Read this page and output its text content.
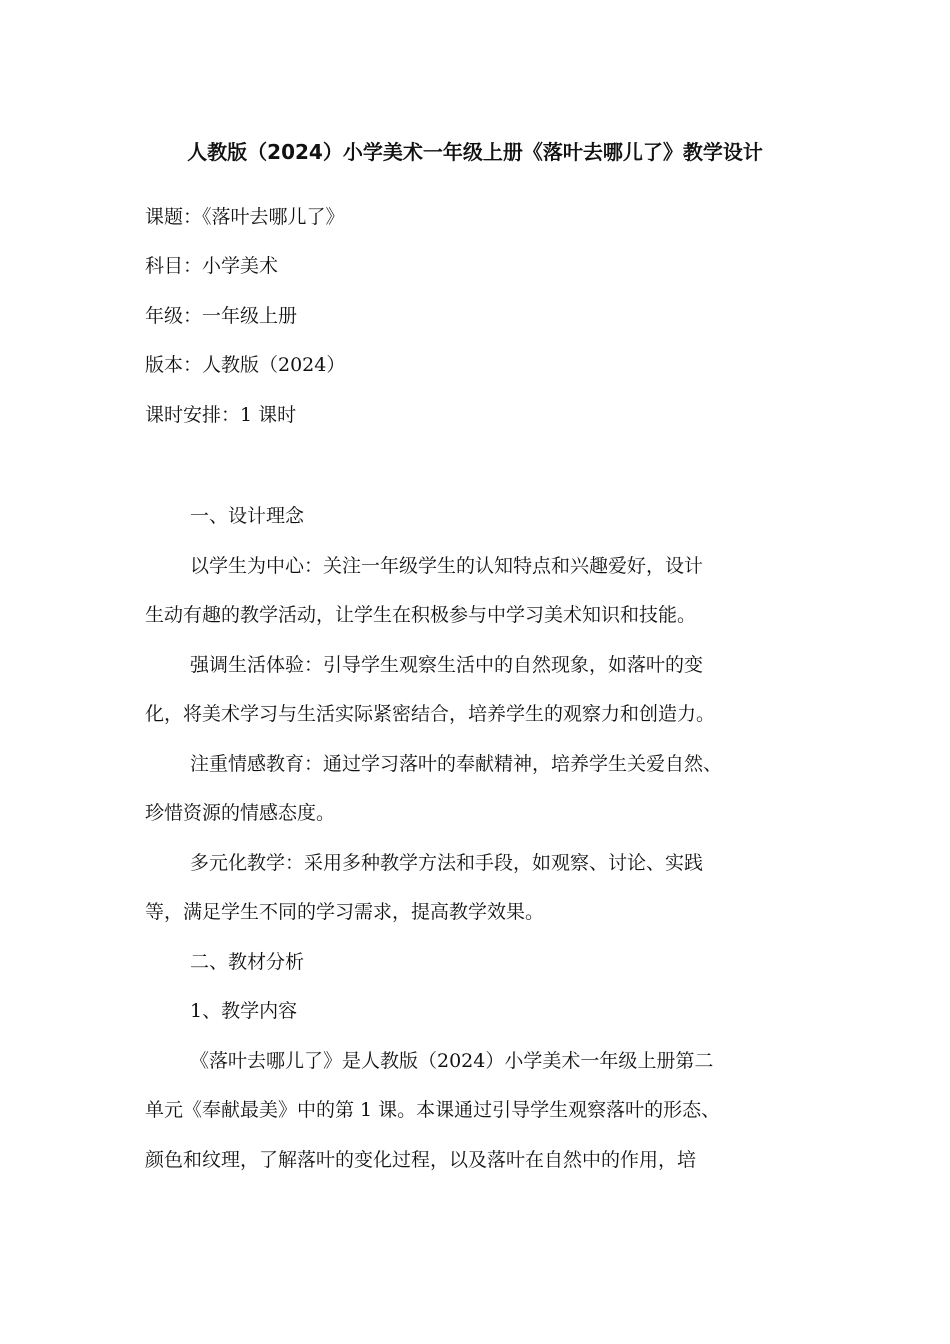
人教版（2024）小学美术一年级上册《落叶去哪儿了》教学设计
课题：《落叶去哪儿了》
科目：小学美术
年级：一年级上册
版本：人教版（2024）
课时安排：1 课时
一、设计理念
以学生为中心：关注一年级学生的认知特点和兴趣爱好，设计
生动有趣的教学活动，让学生在积极参与中学习美术知识和技能。
强调生活体验：引导学生观察生活中的自然现象，如落叶的变
化，将美术学习与生活实际紧密结合，培养学生的观察力和创造力。
注重情感教育：通过学习落叶的奉献精神，培养学生关爱自然、
珍惜资源的情感态度。
多元化教学：采用多种教学方法和手段，如观察、讨论、实践
等，满足学生不同的学习需求，提高教学效果。
二、教材分析
1、教学内容
《落叶去哪儿了》是人教版（2024）小学美术一年级上册第二
单元《奉献最美》中的第 1 课。本课通过引导学生观察落叶的形态、
颜色和纹理，了解落叶的变化过程，以及落叶在自然中的作用，培
